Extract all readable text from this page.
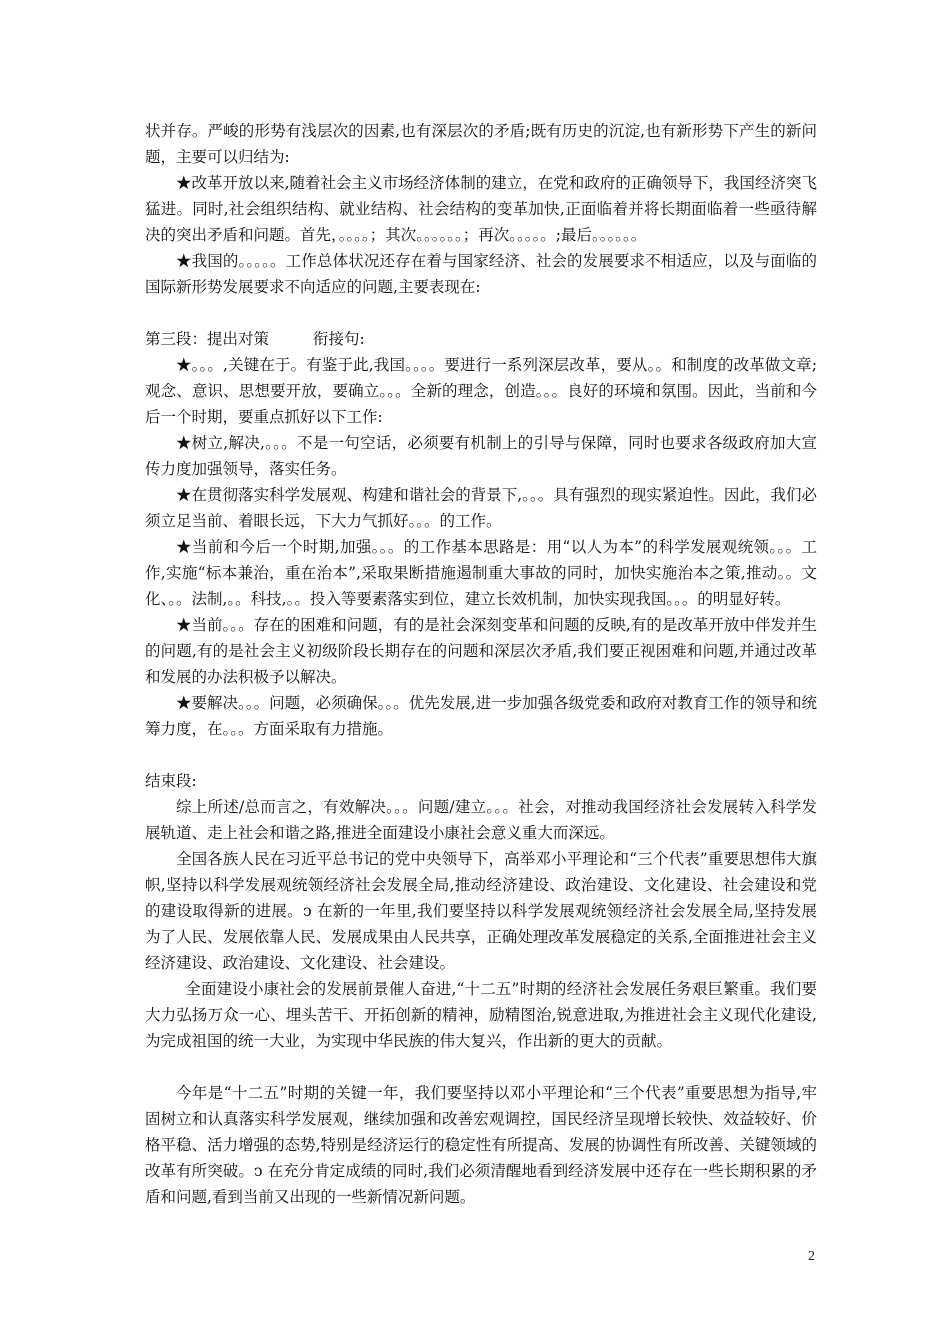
状并存。严峻的形势有浅层次的因素,也有深层次的矛盾;既有历史的沉淀,也有新形势下产生的新问题，主要可以归结为:

★改革开放以来,随着社会主义市场经济体制的建立，在党和政府的正确领导下，我国经济突飞猛进。同时,社会组织结构、就业结构、社会结构的变革加快,正面临着并将长期面临着一些亟待解决的突出矛盾和问题。首先，。。。。；其次。。。。。。；再次。。。。。;最后。。。。。。

★我国的。。。。。工作总体状况还存在着与国家经济、社会的发展要求不相适应，以及与面临的国际新形势发展要求不向适应的问题,主要表现在:

第三段：提出对策	衔接句:

★。。。,关键在于。有鉴于此,我国。。。。要进行一系列深层改革，要从。。和制度的改革做文章;观念、意识、思想要开放，要确立。。。全新的理念，创造。。。良好的环境和氛围。因此，当前和今后一个时期，要重点抓好以下工作:

★树立,解决,。。。不是一句空话，必须要有机制上的引导与保障，同时也要求各级政府加大宣传力度加强领导，落实任务。

★在贯彻落实科学发展观、构建和谐社会的背景下,。。。具有强烈的现实紧迫性。因此，我们必须立足当前、着眼长远，下大力气抓好。。。的工作。

★当前和今后一个时期,加强。。。的工作基本思路是：用“以人为本”的科学发展观统领。。。工作,实施“标本兼治，重在治本”,采取果断措施遏制重大事故的同时，加快实施治本之策,推动。。文化、。。法制,。。科技,。。投入等要素落实到位，建立长效机制，加快实现我国。。。的明显好转。

★当前。。。存在的困难和问题，有的是社会深刻变革和问题的反映,有的是改革开放中伴发并生的问题,有的是社会主义初级阶段长期存在的问题和深层次矛盾,我们要正视困难和问题,并通过改革和发展的办法积极予以解决。

★要解决。。。问题，必须确保。。。优先发展,进一步加强各级党委和政府对教育工作的领导和统筹力度，在。。。方面采取有力措施。

结束段:

综上所述/总而言之，有效解决。。。问题/建立。。。社会，对推动我国经济社会发展转入科学发展轨道、走上社会和谐之路,推进全面建设小康社会意义重大而深远。

全国各族人民在习近平总书记的党中央领导下，高举邓小平理论和“三个代表”重要思想伟大旗帜,坚持以科学发展观统领经济社会发展全局,推动经济建设、政治建设、文化建设、社会建设和党的建设取得新的进展。ↄ 在新的一年里,我们要坚持以科学发展观统领经济社会发展全局,坚持发展为了人民、发展依靠人民、发展成果由人民共享，正确处理改革发展稳定的关系,全面推进社会主义经济建设、政治建设、文化建设、社会建设。

全面建设小康社会的发展前景催人奋进,“十二五”时期的经济社会发展任务艰巨繁重。我们要大力弘扬万众一心、埋头苦干、开拓创新的精神，励精图治,锐意进取,为推进社会主义现代化建设,为完成祖国的统一大业，为实现中华民族的伟大复兴，作出新的更大的贡献。

今年是“十二五”时期的关键一年，我们要坚持以邓小平理论和“三个代表”重要思想为指导,牢固树立和认真落实科学发展观，继续加强和改善宏观调控，国民经济呈现增长较快、效益较好、价格平稳、活力增强的态势,特别是经济运行的稳定性有所提高、发展的协调性有所改善、关键领域的改革有所突破。ↄ 在充分肯定成绩的同时,我们必须清醒地看到经济发展中还存在一些长期积累的矛盾和问题,看到当前又出现的一些新情况新问题。

2
